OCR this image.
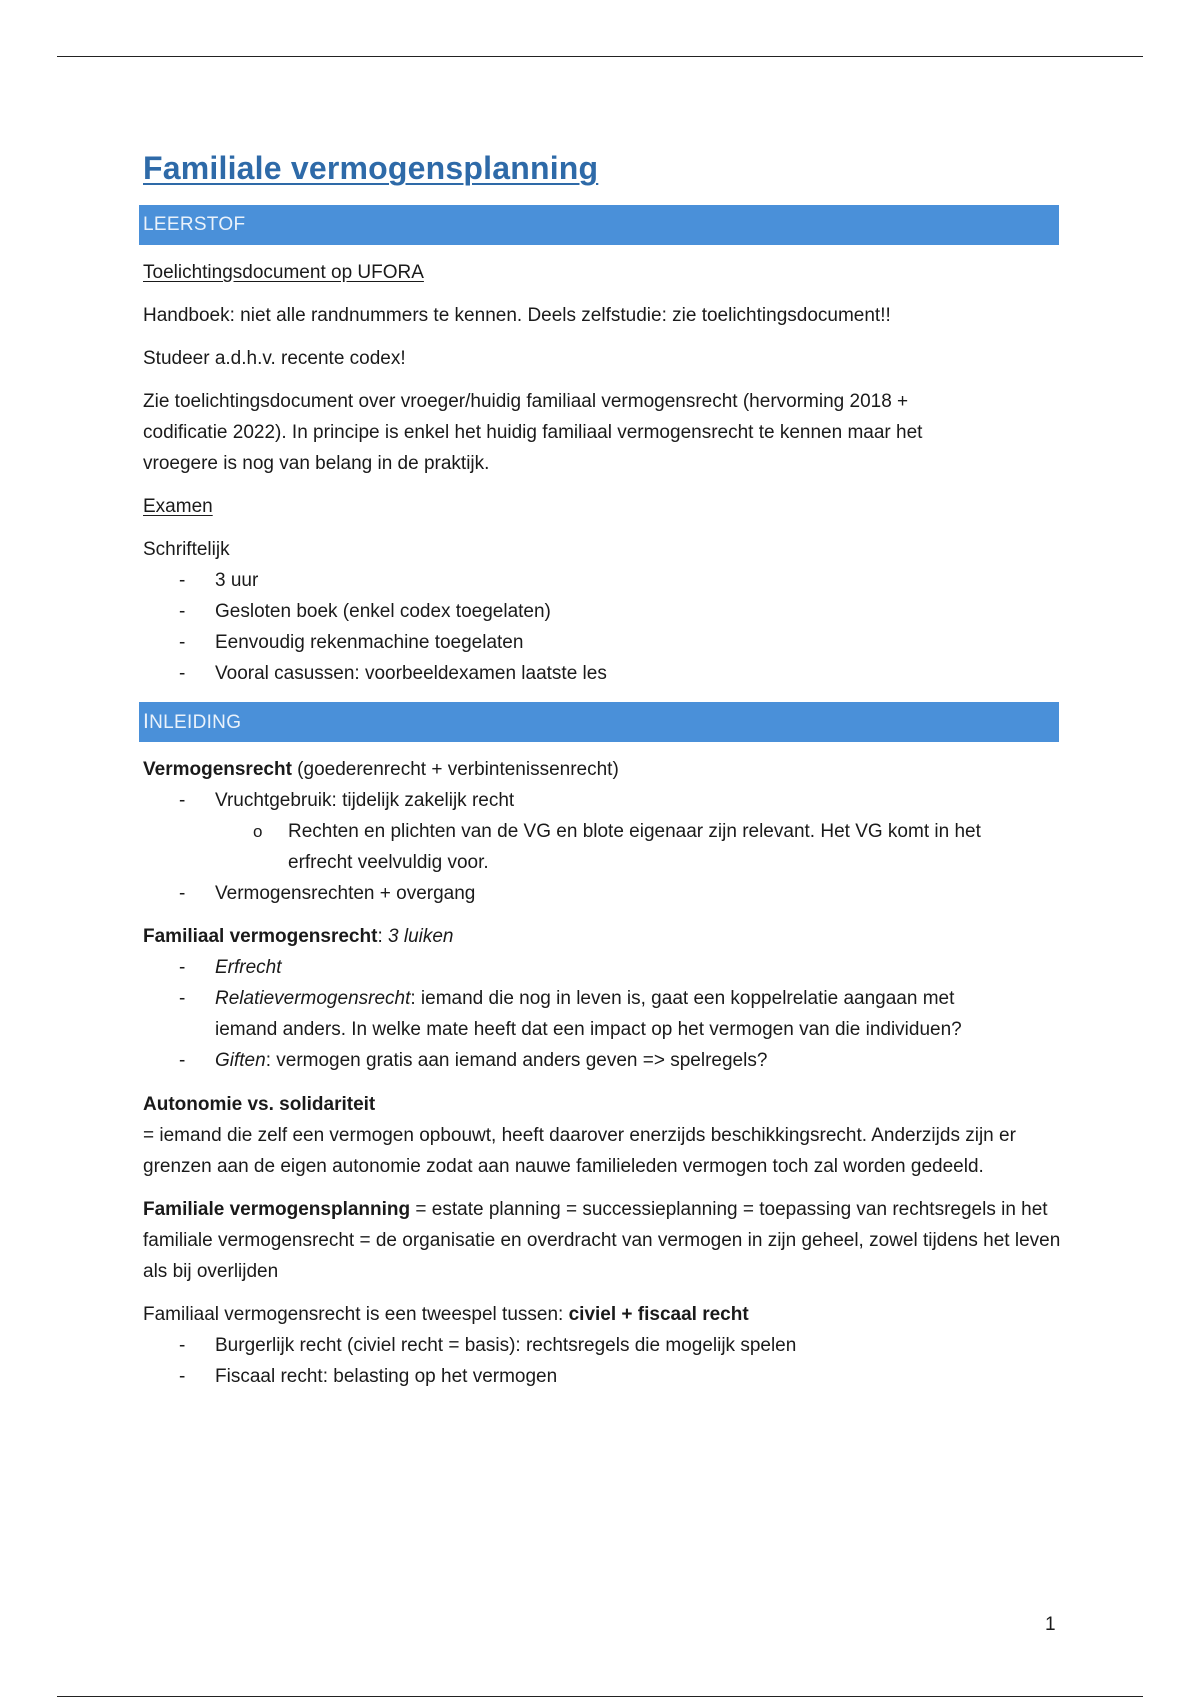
Familiale vermogensplanning
LEERSTOF

Toelichtingsdocument op UFORA

Handboek: niet alle randnummers te kennen. Deels zelfstudie: zie toelichtingsdocument!!

Studeer a.d.h.v. recente codex!

Zie toelichtingsdocument over vroeger/huidig familiaal vermogensrecht (hervorming 2018 + codificatie 2022). In principe is enkel het huidig familiaal vermogensrecht te kennen maar het vroegere is nog van belang in de praktijk.

Examen

Schriftelijk

- 3 uur
- Gesloten boek (enkel codex toegelaten)
- Eenvoudig rekenmachine toegelaten
- Vooral casussen: voorbeeldexamen laatste les
INLEIDING

Vermogensrecht (goederenrecht + verbintenissenrecht)

- Vruchtgebruik: tijdelijk zakelijk recht
o Rechten en plichten van de VG en blote eigenaar zijn relevant. Het VG komt in het erfrecht veelvuldig voor.
- Vermogensrechten + overgang

Familiaal vermogensrecht: 3 luiken

- Erfrecht
- Relatievermogensrecht: iemand die nog in leven is, gaat een koppelrelatie aangaan met iemand anders. In welke mate heeft dat een impact op het vermogen van die individuen?
- Giften: vermogen gratis aan iemand anders geven => spelregels?

Autonomie vs. solidariteit

= iemand die zelf een vermogen opbouwt, heeft daarover enerzijds beschikkingsrecht. Anderzijds zijn er grenzen aan de eigen autonomie zodat aan nauwe familieleden vermogen toch zal worden gedeeld.

Familiale vermogensplanning = estate planning = successieplanning = toepassing van rechtsregels in het familiale vermogensrecht = de organisatie en overdracht van vermogen in zijn geheel, zowel tijdens het leven als bij overlijden

Familiaal vermogensrecht is een tweespel tussen: civiel + fiscaal recht

- Burgerlijk recht (civiel recht = basis): rechtsregels die mogelijk spelen
- Fiscaal recht: belasting op het vermogen
1
